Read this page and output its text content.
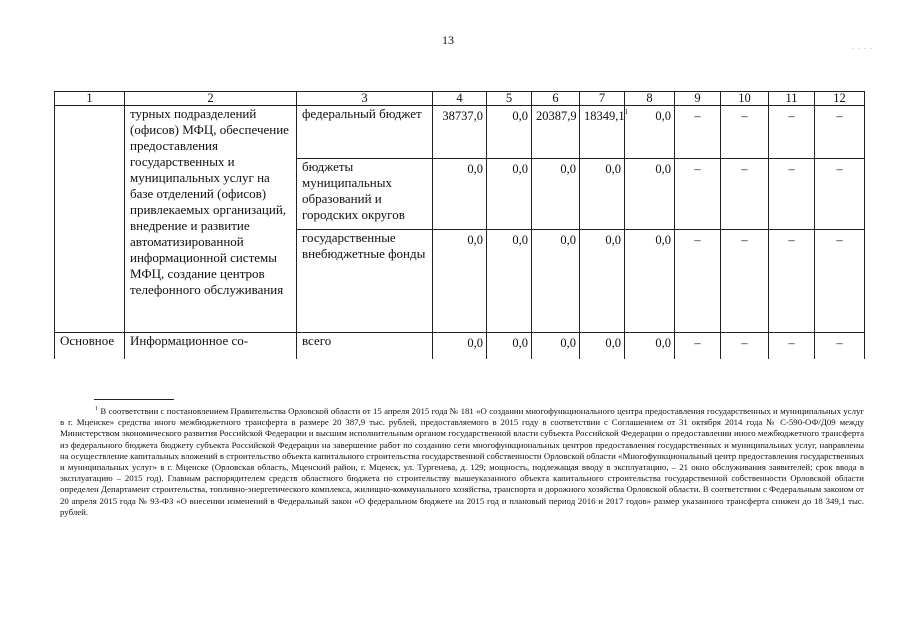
13	. . . .
1	2	3	4	5	6	7	8	9	10	11	12
	турных подразделений (офисов) МФЦ, обеспечение предоставления государственных и муниципальных услуг на базе отделений (офисов) привлекаемых организаций, внедрение и развитие автоматизированной информационной системы МФЦ, создание центров телефонного обслуживания	федеральный бюджет	38737,0	0,0	20387,9	18349,1$^1$	0,0	–	–	–	–
		бюджеты муниципальных образований и городских округов	0,0	0,0	0,0	0,0	0,0	–	–	–	–
		государственные внебюджетные фонды	0,0	0,0	0,0	0,0	0,0	–	–	–	–
Основное	Информационное со-	всего	0,0	0,0	0,0	0,0	0,0	–	–	–	–

$^1$ В соответствии с постановлением Правительства Орловской области от 15 апреля 2015 года № 181 «О создании многофункционального центра предоставления государственных и муниципальных услуг в г. Мценске» средства иного межбюджетного трансферта в размере 20 387,9 тыс. рублей, предоставляемого в 2015 году в соответствии с Соглашением от 31 октября 2014 года № С-590-ОФ/Д09 между Министерством экономического развития Российской Федерации и высшим исполнительным органом государственной власти субъекта Российской Федерации о предоставлении иного межбюджетного трансферта из федерального бюджета бюджету субъекта Российской Федерации на завершение работ по созданию сети многофункциональных центров предоставления государственных и муниципальных услуг, направлены на осуществление капитальных вложений в строительство объекта капитального строительства государственной собственности Орловской области «Многофункциональный центр предоставления государственных и муниципальных услуг» в г. Мценске (Орловская область, Мценский район, г. Мценск, ул. Тургенева, д. 129; мощность, подлежащая вводу в эксплуатацию, – 21 окно обслуживания заявителей; срок ввода в эксплуатацию – 2015 год). Главным распорядителем средств областного бюджета по строительству вышеуказанного объекта капитального строительства государственной собственности Орловской области определен Департамент строительства, топливно-энергетического комплекса, жилищно-коммунального хозяйства, транспорта и дорожного хозяйства Орловской области. В соответствии с Федеральным законом от 20 апреля 2015 года № 93-ФЗ «О внесении изменений в Федеральный закон «О федеральном бюджете на 2015 год и плановый период 2016 и 2017 годов» размер указанного трансферта снижен до 18 349,1 тыс. рублей.
